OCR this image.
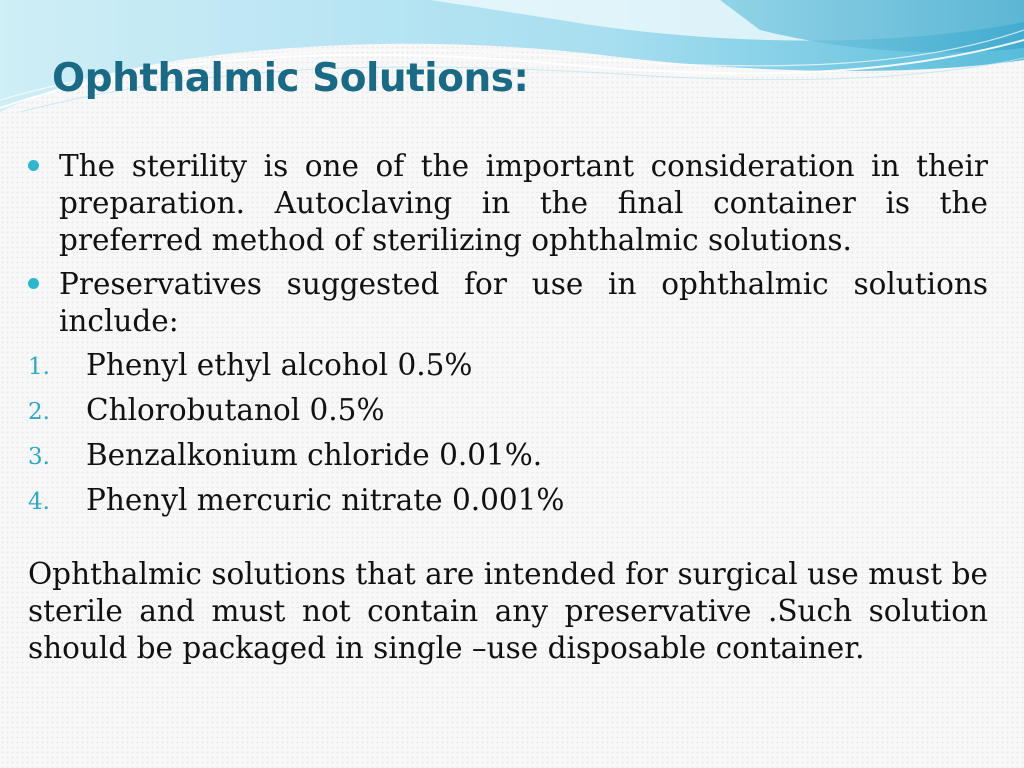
Ophthalmic Solutions:
The sterility is one of the important consideration in their preparation. Autoclaving in the final container is the preferred method of sterilizing ophthalmic solutions.
Preservatives suggested for use in ophthalmic solutions include:
1. Phenyl ethyl alcohol 0.5%
2. Chlorobutanol 0.5%
3. Benzalkonium chloride 0.01%.
4. Phenyl mercuric nitrate 0.001%

Ophthalmic solutions that are intended for surgical use must be sterile and must not contain any preservative .Such solution should be packaged in single –use disposable container.
